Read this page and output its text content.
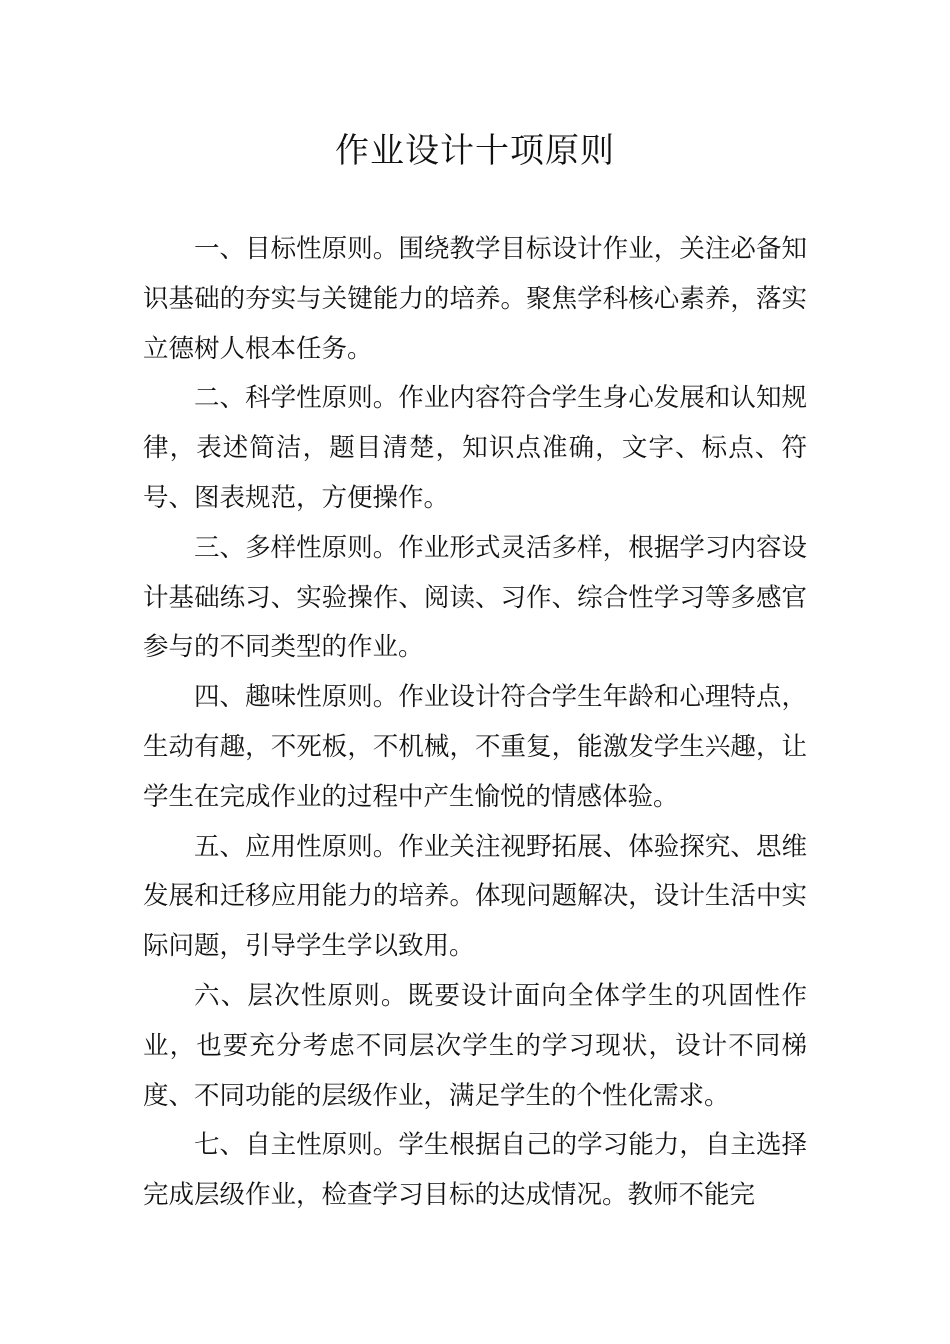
作业设计十项原则

一、目标性原则。围绕教学目标设计作业，关注必备知识基础的夯实与关键能力的培养。聚焦学科核心素养，落实立德树人根本任务。

二、科学性原则。作业内容符合学生身心发展和认知规律，表述简洁，题目清楚，知识点准确，文字、标点、符号、图表规范，方便操作。

三、多样性原则。作业形式灵活多样，根据学习内容设计基础练习、实验操作、阅读、习作、综合性学习等多感官参与的不同类型的作业。

四、趣味性原则。作业设计符合学生年龄和心理特点，生动有趣，不死板，不机械，不重复，能激发学生兴趣，让学生在完成作业的过程中产生愉悦的情感体验。

五、应用性原则。作业关注视野拓展、体验探究、思维发展和迁移应用能力的培养。体现问题解决，设计生活中实际问题，引导学生学以致用。

六、层次性原则。既要设计面向全体学生的巩固性作业，也要充分考虑不同层次学生的学习现状，设计不同梯度、不同功能的层级作业，满足学生的个性化需求。

七、自主性原则。学生根据自己的学习能力，自主选择完成层级作业，检查学习目标的达成情况。教师不能完
